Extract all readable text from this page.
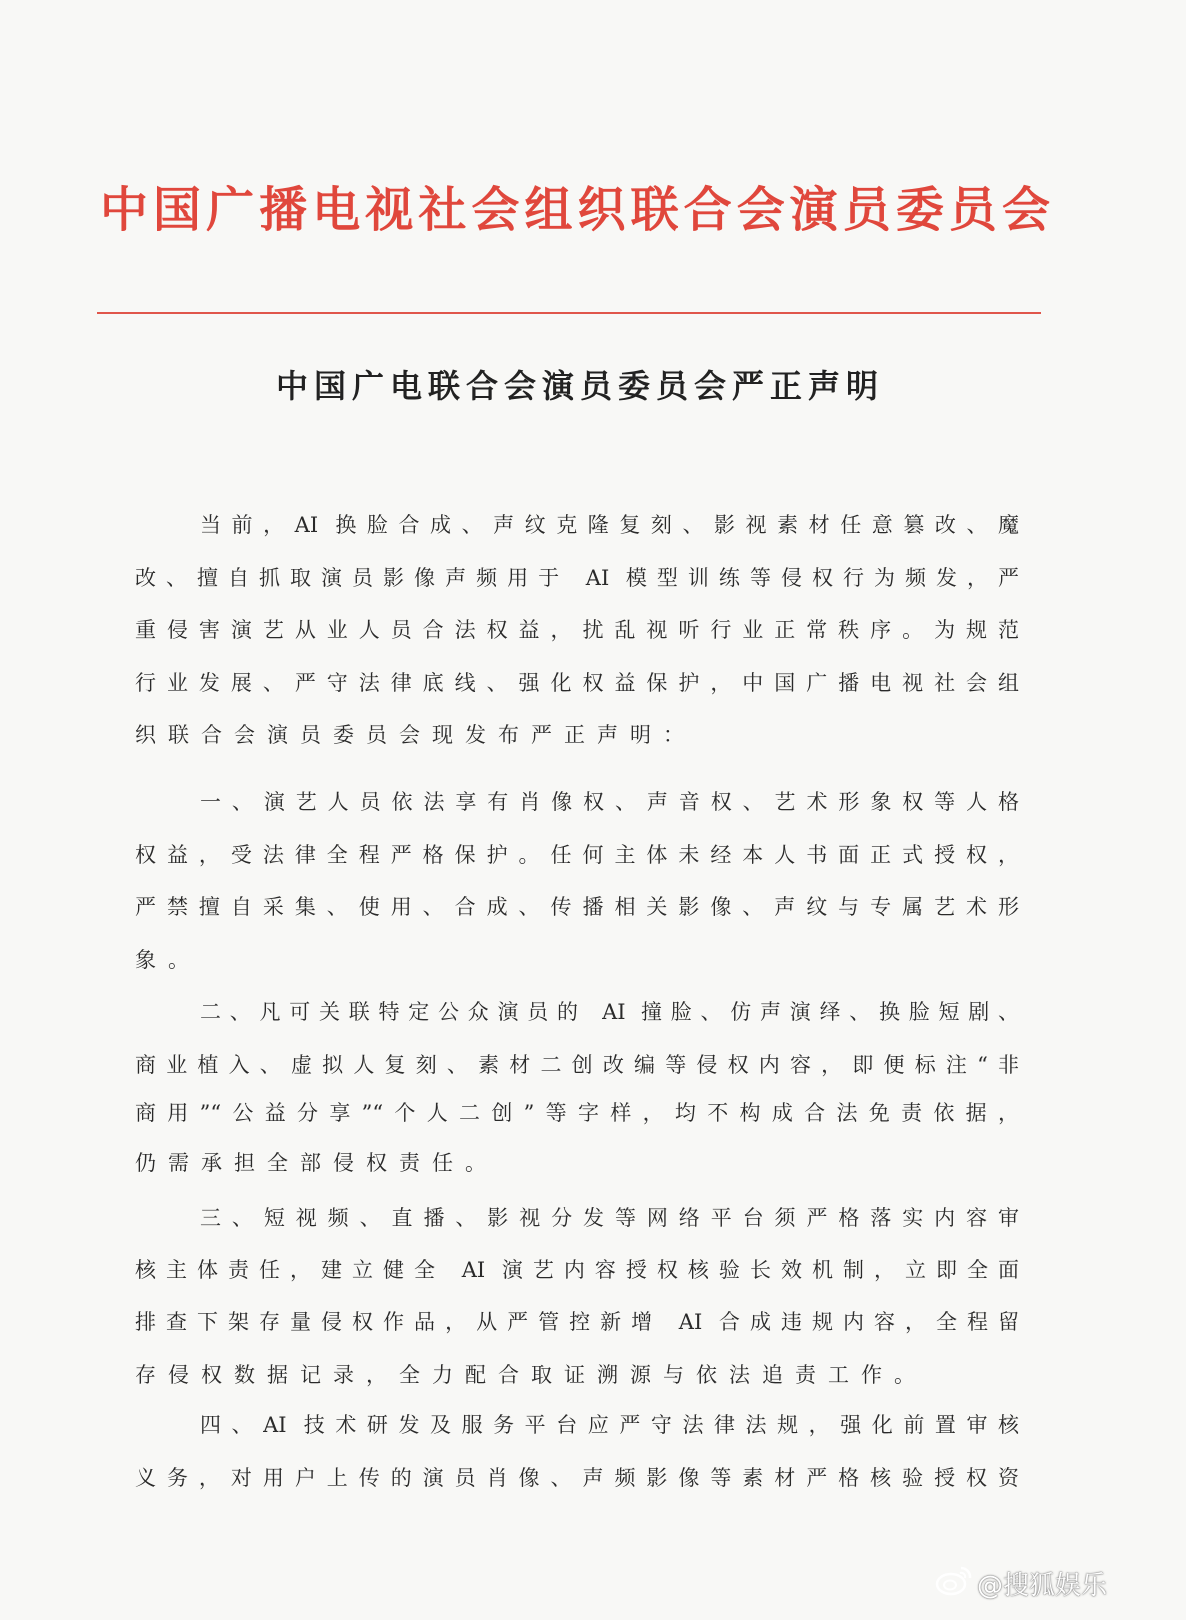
中国广播电视社会组织联合会演员委员会
中国广电联合会演员委员会严正声明
当前，AI 换脸合成、声纹克隆复刻、影视素材任意篡改、魔
改、擅自抓取演员影像声频用于 AI 模型训练等侵权行为频发，严
重侵害演艺从业人员合法权益，扰乱视听行业正常秩序。为规范
行业发展、严守法律底线、强化权益保护，中国广播电视社会组
织联合会演员委员会现发布严正声明：
一、演艺人员依法享有肖像权、声音权、艺术形象权等人格
权益，受法律全程严格保护。任何主体未经本人书面正式授权，
严禁擅自采集、使用、合成、传播相关影像、声纹与专属艺术形
象。
二、凡可关联特定公众演员的 AI 撞脸、仿声演绎、换脸短剧、
商业植入、虚拟人复刻、素材二创改编等侵权内容，即便标注“非
商用”“公益分享”“个人二创”等字样，均不构成合法免责依据，
仍需承担全部侵权责任。
三、短视频、直播、影视分发等网络平台须严格落实内容审
核主体责任，建立健全 AI 演艺内容授权核验长效机制，立即全面
排查下架存量侵权作品，从严管控新增 AI 合成违规内容，全程留
存侵权数据记录，全力配合取证溯源与依法追责工作。
四、AI 技术研发及服务平台应严守法律法规，强化前置审核
义务，对用户上传的演员肖像、声频影像等素材严格核验授权资
@搜狐娱乐
